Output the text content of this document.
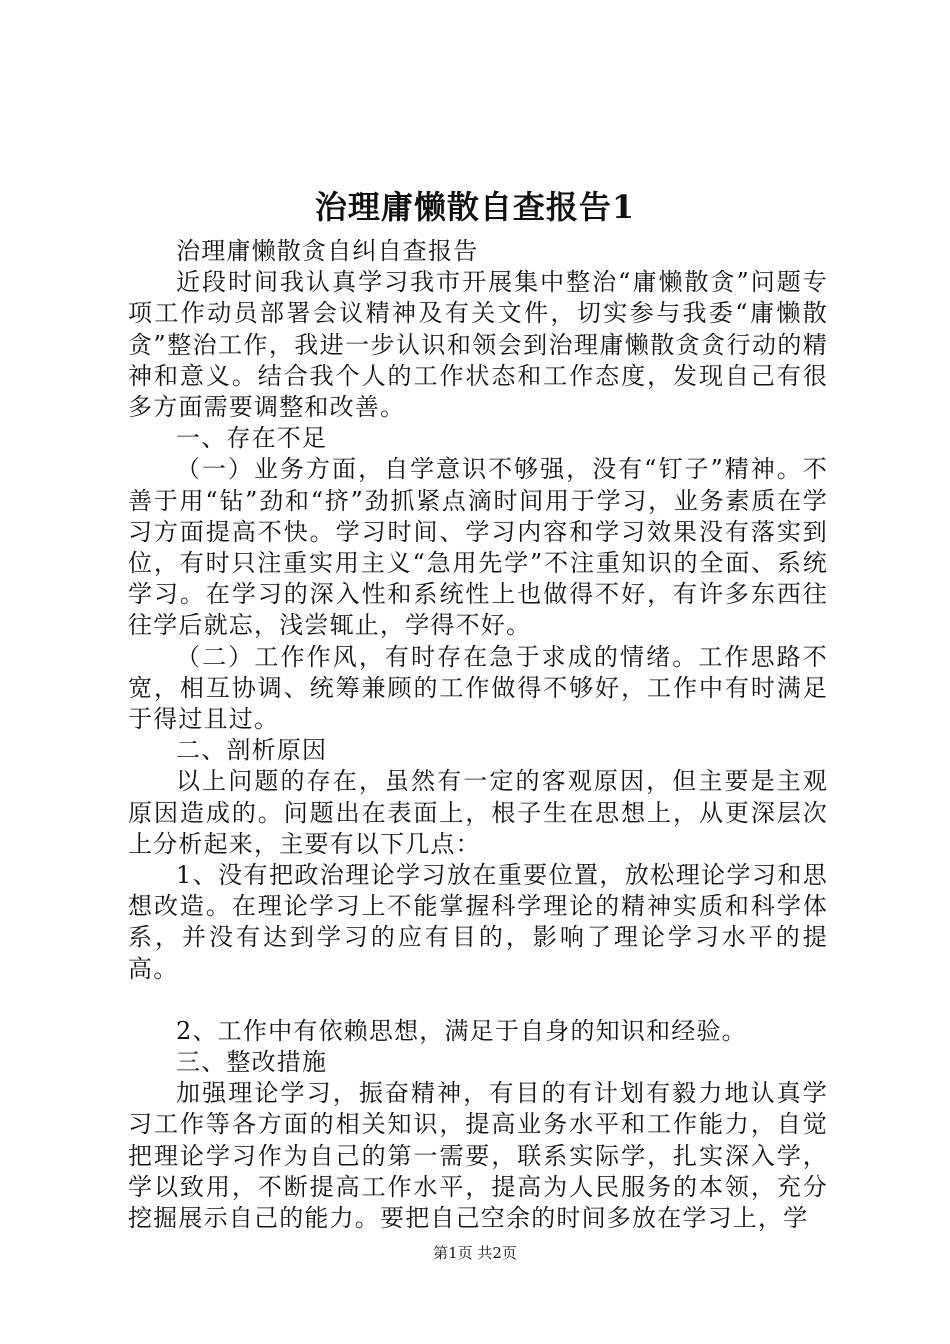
治理庸懒散自查报告1

治理庸懒散贪自纠自查报告

近段时间我认真学习我市开展集中整治“庸懒散贪”问题专项工作动员部署会议精神及有关文件，切实参与我委“庸懒散贪”整治工作，我进一步认识和领会到治理庸懒散贪贪行动的精神和意义。结合我个人的工作状态和工作态度，发现自己有很多方面需要调整和改善。

一、存在不足

（一）业务方面，自学意识不够强，没有“钉子”精神。不善于用“钻”劲和“挤”劲抓紧点滴时间用于学习，业务素质在学习方面提高不快。学习时间、学习内容和学习效果没有落实到位，有时只注重实用主义“急用先学”不注重知识的全面、系统学习。在学习的深入性和系统性上也做得不好，有许多东西往往学后就忘，浅尝辄止，学得不好。

（二）工作作风，有时存在急于求成的情绪。工作思路不宽，相互协调、统筹兼顾的工作做得不够好，工作中有时满足于得过且过。

二、剖析原因

以上问题的存在，虽然有一定的客观原因，但主要是主观原因造成的。问题出在表面上，根子生在思想上，从更深层次上分析起来，主要有以下几点：

1、没有把政治理论学习放在重要位置，放松理论学习和思想改造。在理论学习上不能掌握科学理论的精神实质和科学体系，并没有达到学习的应有目的，影响了理论学习水平的提高。

2、工作中有依赖思想，满足于自身的知识和经验。

三、整改措施

加强理论学习，振奋精神，有目的有计划有毅力地认真学习工作等各方面的相关知识，提高业务水平和工作能力，自觉把理论学习作为自己的第一需要，联系实际学，扎实深入学，学以致用，不断提高工作水平，提高为人民服务的本领，充分挖掘展示自己的能力。要把自己空余的时间多放在学习上，学

第1页 共2页
